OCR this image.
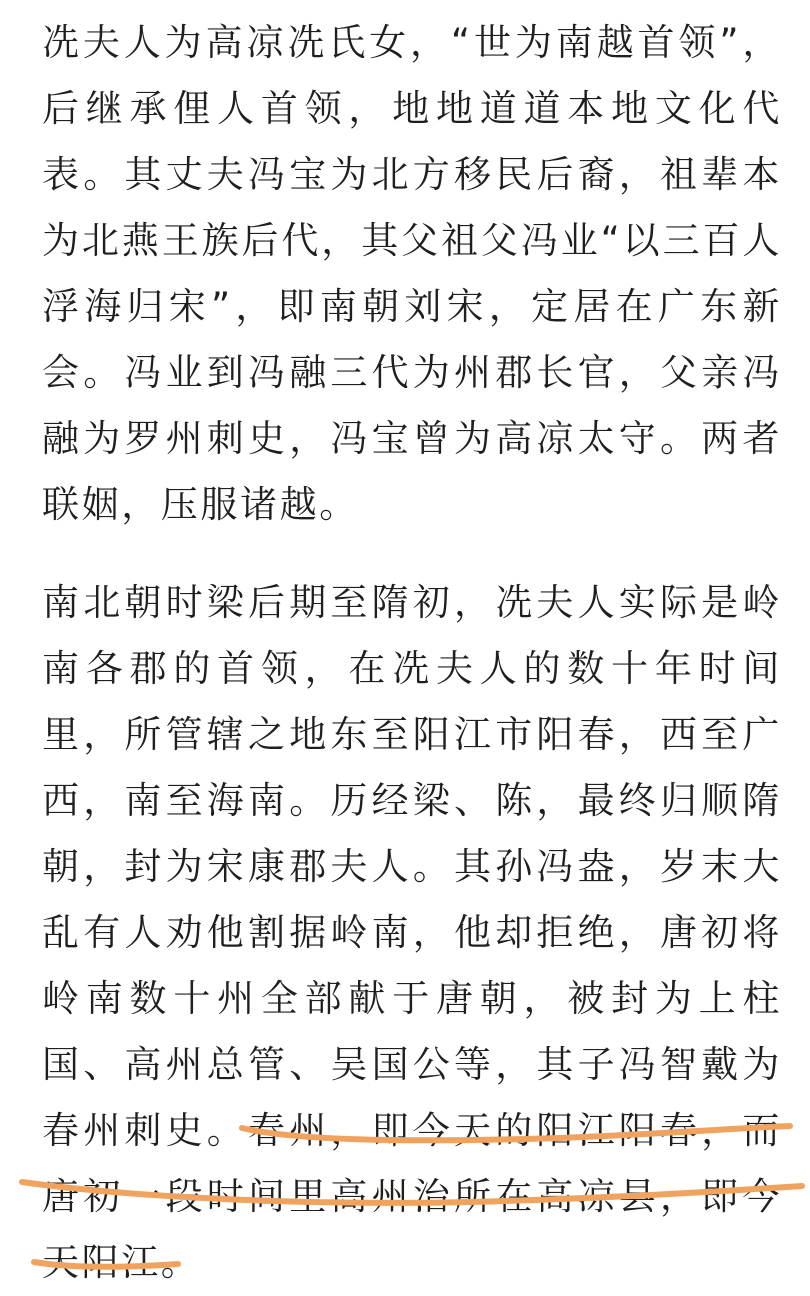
冼夫人为高凉冼氏女，“世为南越首领”，后继承俚人首领，地地道道本地文化代表。其丈夫冯宝为北方移民后裔，祖辈本为北燕王族后代，其父祖父冯业“以三百人浮海归宋”，即南朝刘宋，定居在广东新会。冯业到冯融三代为州郡长官，父亲冯融为罗州刺史，冯宝曾为高凉太守。两者联姻，压服诸越。

南北朝时梁后期至隋初，冼夫人实际是岭南各郡的首领，在冼夫人的数十年时间里，所管辖之地东至阳江市阳春，西至广西，南至海南。历经梁、陈，最终归顺隋朝，封为宋康郡夫人。其孙冯盎，岁末大乱有人劝他割据岭南，他却拒绝，唐初将岭南数十州全部献于唐朝，被封为上柱国、高州总管、吴国公等，其子冯智戴为春州刺史。春州，即今天的阳江阳春，而唐初一段时间里高州治所在高凉县，即今天阳江。
